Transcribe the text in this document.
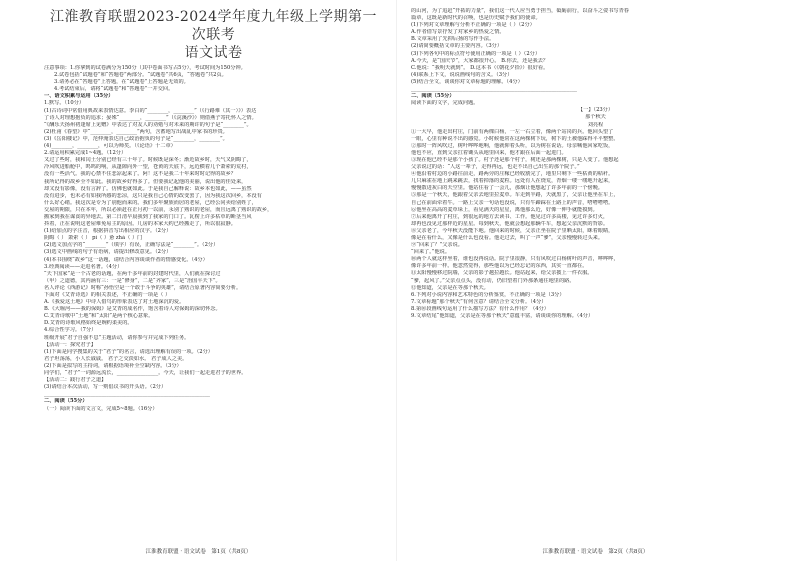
江淮教育联盟2023-2024学年度九年级上学期第一次联考
语文试卷
注意事项：1.你拿到的试卷满分为150分（其中卷面书写占5分），考试时间为150分钟。
2.试卷包括“试题卷”和“答题卷”两部分。“试题卷”共6页，“答题卷”共2页。
3.请务必在“答题卷”上答题，在“试题卷”上答题是无效的。
4.考试结束后，请将“试题卷”和“答题卷”一并交回。
一、语文积累与运用（35分）
1.默写。（10分）
(1)古诗词中常借用典故来表情达意。李白的“________，________”（《行路难（其一）》）表达
了诗人对理想抱负的追求；晏殊“________，________”（《浣溪沙》）则借燕子寄托怀人之情。
“《酬乐天扬州初逢席上见赠》中表达了对友人的劝勉与对未来的期许的句子是“________”。
(2)杜甫《春望》中“________，________”两句，含蓄地写出战乱中家书的珍贵。
(3)《岳阳楼记》中，范仲淹表达自己政治抱负的句子是“________，________”。
(4)________，________，可以为师矣。（《论语》十二章）
2.请运用积累完成1~4题。（12分）
又过了些时，我和闰土分别已经有三十年了。时候既是深冬；渐近故乡时，天气又阴晦了，
冷风吹进船舱中，呜呜的响，从篷隙向外一望，苍黄的天底下，远近横着几个萧索的荒村，
没有一些活气。我的心禁不住悲凉起来了。阿！这不是我二十年来时时记得的故乡？
我所记得的故乡全不如此。我的故乡好得多了。但要我记起他的美丽，说出他的佳处来，
却又没有影像，没有言辞了。仿佛也就如此。于是我自己解释说：故乡本也如此，——虽然
没有进步，也未必有如我所感的悲凉，这只是我自己心情的改变罢了，因为我这次回乡，本没有
什么好心绪。我这次是专为了别他而来的。我们多年聚族而居的老屋，已经公同卖给别姓了，
交屋的期限，只在本年，所以必须赶在正月初一以前，永别了熟识的老屋，而且远离了熟识的故乡，
搬家到我在谋食的异地去。第二日清早晨我到了我家的门口了。瓦楞上许多枯草的断茎当风
抖着，正在说明这老屋难免易主的原因。几房的本家大约已经搬走了，所以很寂静。
(1)给加点的字注音，根据拼音写出相应的汉字。（2分）
阴晦（ ） 萧索（ ） pí（ ）惫 zhá（ ）门
(2)选文加点字的“________”（填字）有误，正确写法是“________”。（2分）
(3)选文中画线的句子有语病，请提出修改意见。（2分）
(4)本书围绕“故乡”这一话题，请结合内容谈谈作者的情感变化。（4分）
3.经典阅读——走进名著。（4分）
“天下国家”是一个古老的话题，在两千多年前的封建时代里，人们就在探讨过
（甲）之道德，其内涵有三：一是“修身”，二是“齐家”，三是“治国平天下”。
名人评论《西游记》时称“孙悟空是一个敢于斗争的英雄”，请结合原著内容简要分析。
下面对《艾青诗选》的相关表述，不正确的一项是（ ）
A.《我爱这土地》中诗人借鸟的形象表达了对土地深沉的爱。
B.《大堰河——我的保姆》是艾青的成名作，饱含着诗人对保姆的深切怀念。
C.艾青诗歌中“土地”和“太阳”是两个核心意象。
D.艾青的诗歌风格始终是婉约柔美的。
4.综合性学习。（7分）
班级开展“君子自强不息”主题活动，请你参与并完成下列任务。
【活动一：探究君子】
(1)下面是同学搜集的关于“君子”的名言，请选出理解有误的一项。（2分）
君子坦荡荡，小人长戚戚。 君子之交淡如水。 君子成人之美。
(2)下面是拟写的主持词，请根据语境补全空缺内容。（3分）
同学们，“君子”一词源远流长，________________。今天，让我们一起走进君子的世界。
【活动二：践行君子之道】
(3)请结合本次活动，写一则倡议书的开头语。（2分）
________________________________________________________________
二、阅读（55分）
（一）阅读下面的文言文，完成5~8题。（16分）
江淮教育联盟 · 语文试卷　第1页（共8页）
的山河，为了追赶“开拓的力量”，我们这一代人应当勇于担当，砥砺前行，以奋斗之姿书写青春
篇章，这既是新时代的召唤，也是历史赋予我们的使命。
(1)下列对文章理解与分析不正确的一项是（ ）（2分）
A.作者借写景抒发了对家乡的热爱之情。
B.文章采用了先抑后扬的写作手法。
(2)请简要概括文章的主要内容。（3分）
(3)下列各句中的标点符号使用正确的一项是（ ）（2分）
A.今天，是“国庆节”，大家都很开心。 B.你去，还是我去？
C.他说：“我明天就到”。 D.这本书（《朝花夕拾》）很好看。
(4)联系上下文，说说画线句的含义。（3分）
(5)结合全文，谈谈你对文章标题的理解。（4分）
________________________________________________________________
二、阅读（55分）
阅读下面的文字，完成问题。
【一】（23分）
那个秋天
刘亮程
①一大早，他走出村庄，门前有两棵白杨，一左一右立着，像两个站岗的兵。他回头望了
一眼，心里有种说不出的感觉。小时候他常在这两棵树下玩，树下的土被他踩得平平整整。
②那时一阵风吹过，树叶哗哗地响，他就仰着头听，以为树在说话。母亲喊他回家吃饭，
他也不应，直到父亲扛着锄头从地里回来，他才跟在后面一起进门。
③现在他已经不是那个小孩了。村子还是那个村子，树还是那两棵树，只是人变了。他想起
父亲说过的话：“人这一辈子，走得再远，也走不出自己出生的那个院子。”
④他沿着村边的小路往前走，路两旁的庄稼已经收割完了，地里只剩下一些枯黄的秸秆。
几只麻雀在地上跳来跳去，找着掉落的麦粒。远处有人在烧荒，青烟一缕一缕地升起来，
慢慢散进灰白的天空里。他站住看了一会儿，那烟让他想起了许多年前的一个傍晚。
⑤那是一个秋天，他跟着父亲去地里拉麦草。车走到半路，天就黑了，父亲让他坐在车上，
自己在前面牵着牛。一路上父亲一句话也没说，只有牛蹄踩在土路上的声音，嗒嗒嗒嗒。
⑥他坐在高高的麦草垛上，看见满天的星星，离他那么近，好像一伸手就能摸到。
⑦后来他离开了村庄，到很远的地方去读书、工作。他见过许多高楼，见过许多灯火，
却再也没见过那样近的星星。每到秋天，他就会想起那辆牛车，想起父亲沉默的背影。
⑧父亲老了，今年秋天没能下地。他回来的时候，父亲正坐在院子里晒太阳，眯着眼睛，
像是在看什么，又像是什么也没看。他走过去，叫了一声“爹”，父亲慢慢转过头来。
⑨“回来了？”父亲说。
“回来了。”他说。
⑩两个人就这样坐着，谁也没再说话。院子里很静，只有风吹过白杨树叶的声音，哗哗哗，
像许多年前一样。他忽然觉得，那些他以为已经忘记的东西，其实一直都在。
⑪太阳慢慢移过院墙，父亲的影子越拉越长。他站起来，给父亲披上一件衣服。
“爹，起风了。”父亲点点头，没有动，仍旧望着门外那条通往地里的路。
⑫他知道，父亲是在等那个秋天。
6.下列对小说内容和艺术特色的分析鉴赏，不正确的一项是（3分）
7.文章标题“那个秋天”有何含意？请结合全文分析。（4分）
8.第⑩段画线句运用了什么描写方法？有什么作用？（4分）
9.文章结尾“他知道，父亲是在等那个秋天”意蕴丰富，请谈谈你的理解。（4分）
江淮教育联盟 · 语文试卷　第2页（共8页）
